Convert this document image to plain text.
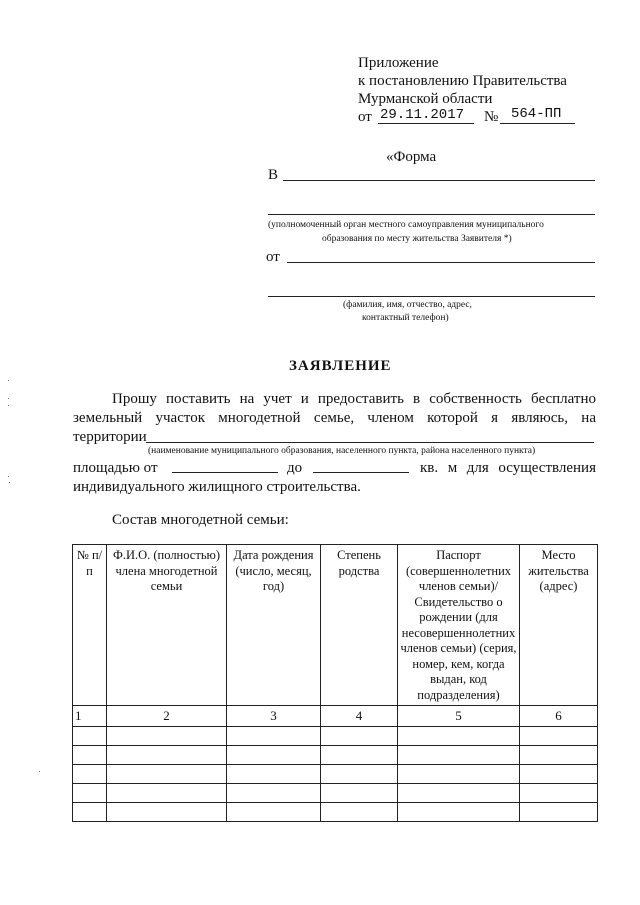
Приложение
к постановлению Правительства
Мурманской области
от 29.11.2017 № 564-ПП
«Форма
В
(уполномоченный орган местного самоуправления муниципального
образования по месту жительства Заявителя *)
от
(фамилия, имя, отчество, адрес,
контактный телефон)
ЗАЯВЛЕНИЕ
Прошу поставить на учет и предоставить в собственность бесплатно
земельный участок многодетной семье, членом которой я являюсь, на
территории
(наименование муниципального образования, населенного пункта, района населенного пункта)
площадью от	до	кв. м для осуществления
индивидуального жилищного строительства.
Состав многодетной семьи:
№ п/п	Ф.И.О. (полностью) члена многодетной семьи	Дата рождения (число, месяц, год)	Степень родства	Паспорт (совершеннолетних членов семьи)/ Свидетельство о рождении (для несовершеннолетних членов семьи) (серия, номер, кем, когда выдан, код подразделения)	Место жительства (адрес)
1	2	3	4	5	6
